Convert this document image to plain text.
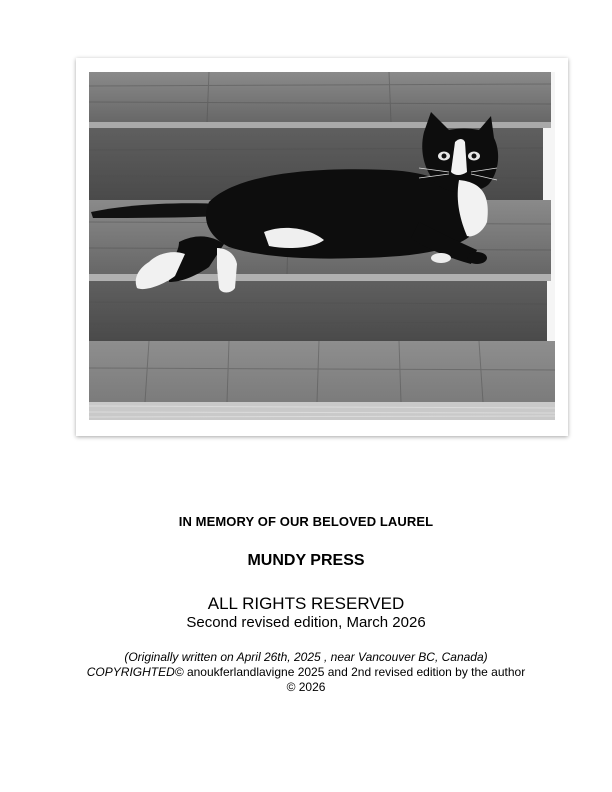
IN MEMORY OF OUR BELOVED LAUREL
MUNDY PRESS
ALL RIGHTS RESERVED
Second revised edition, March 2026
(Originally written on April 26th, 2025 , near Vancouver BC, Canada)
COPYRIGHTED© anoukferlandlavigne 2025 and 2nd revised edition by the author © 2026
